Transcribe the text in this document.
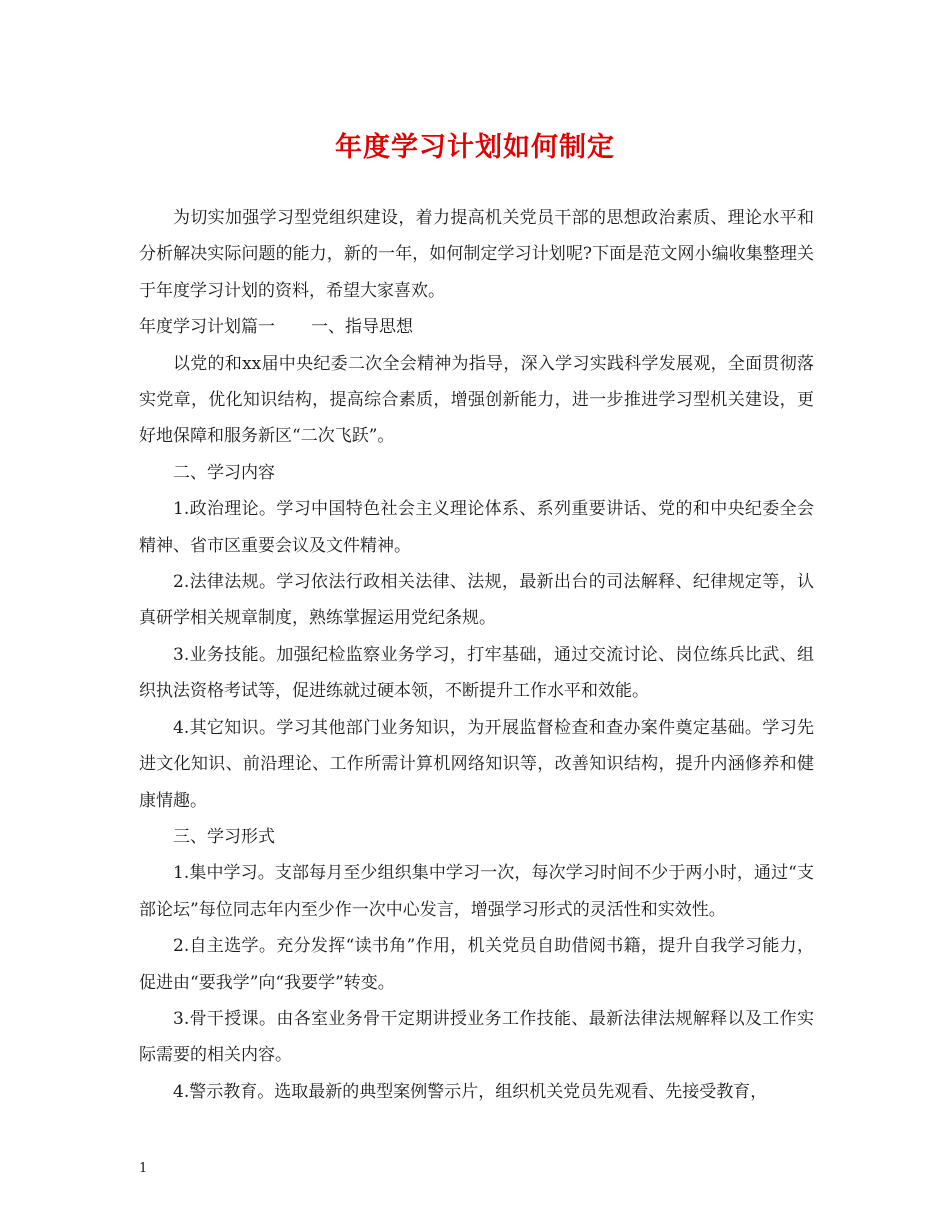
年度学习计划如何制定

为切实加强学习型党组织建设，着力提高机关党员干部的思想政治素质、理论水平和分析解决实际问题的能力，新的一年，如何制定学习计划呢?下面是范文网小编收集整理关于年度学习计划的资料，希望大家喜欢。

年度学习计划篇一 一、指导思想

以党的和xx届中央纪委二次全会精神为指导，深入学习实践科学发展观，全面贯彻落实党章，优化知识结构，提高综合素质，增强创新能力，进一步推进学习型机关建设，更好地保障和服务新区“二次飞跃”。

二、学习内容

1.政治理论。学习中国特色社会主义理论体系、系列重要讲话、党的和中央纪委全会精神、省市区重要会议及文件精神。

2.法律法规。学习依法行政相关法律、法规，最新出台的司法解释、纪律规定等，认真研学相关规章制度，熟练掌握运用党纪条规。

3.业务技能。加强纪检监察业务学习，打牢基础，通过交流讨论、岗位练兵比武、组织执法资格考试等，促进练就过硬本领，不断提升工作水平和效能。

4.其它知识。学习其他部门业务知识，为开展监督检查和查办案件奠定基础。学习先进文化知识、前沿理论、工作所需计算机网络知识等，改善知识结构，提升内涵修养和健康情趣。

三、学习形式

1.集中学习。支部每月至少组织集中学习一次，每次学习时间不少于两小时，通过“支部论坛”每位同志年内至少作一次中心发言，增强学习形式的灵活性和实效性。

2.自主选学。充分发挥“读书角”作用，机关党员自助借阅书籍，提升自我学习能力，促进由“要我学”向“我要学”转变。

3.骨干授课。由各室业务骨干定期讲授业务工作技能、最新法律法规解释以及工作实际需要的相关内容。

4.警示教育。选取最新的典型案例警示片，组织机关党员先观看、先接受教育，

1
